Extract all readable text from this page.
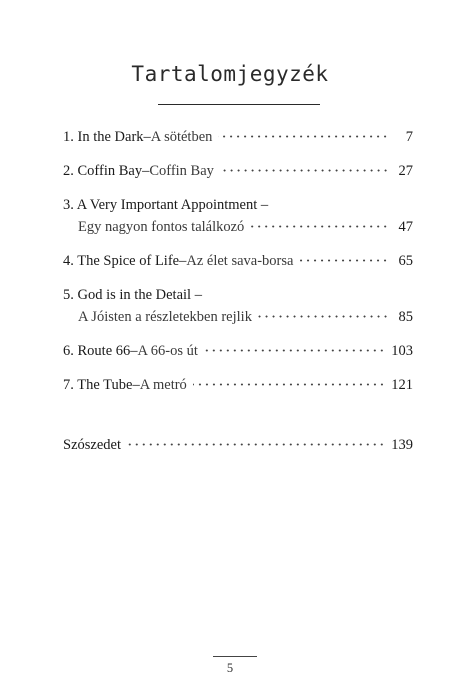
Tartalomjegyzék
1. In the Dark – A sötétben	7
2. Coffin Bay – Coffin Bay	27
3. A Very Important Appointment –
Egy nagyon fontos találkozó	47
4. The Spice of Life – Az élet sava-borsa	65
5. God is in the Detail –
A Jóisten a részletekben rejlik	85
6. Route 66 – A 66-os út	103
7. The Tube – A metró	121
Szószedet	139
5
